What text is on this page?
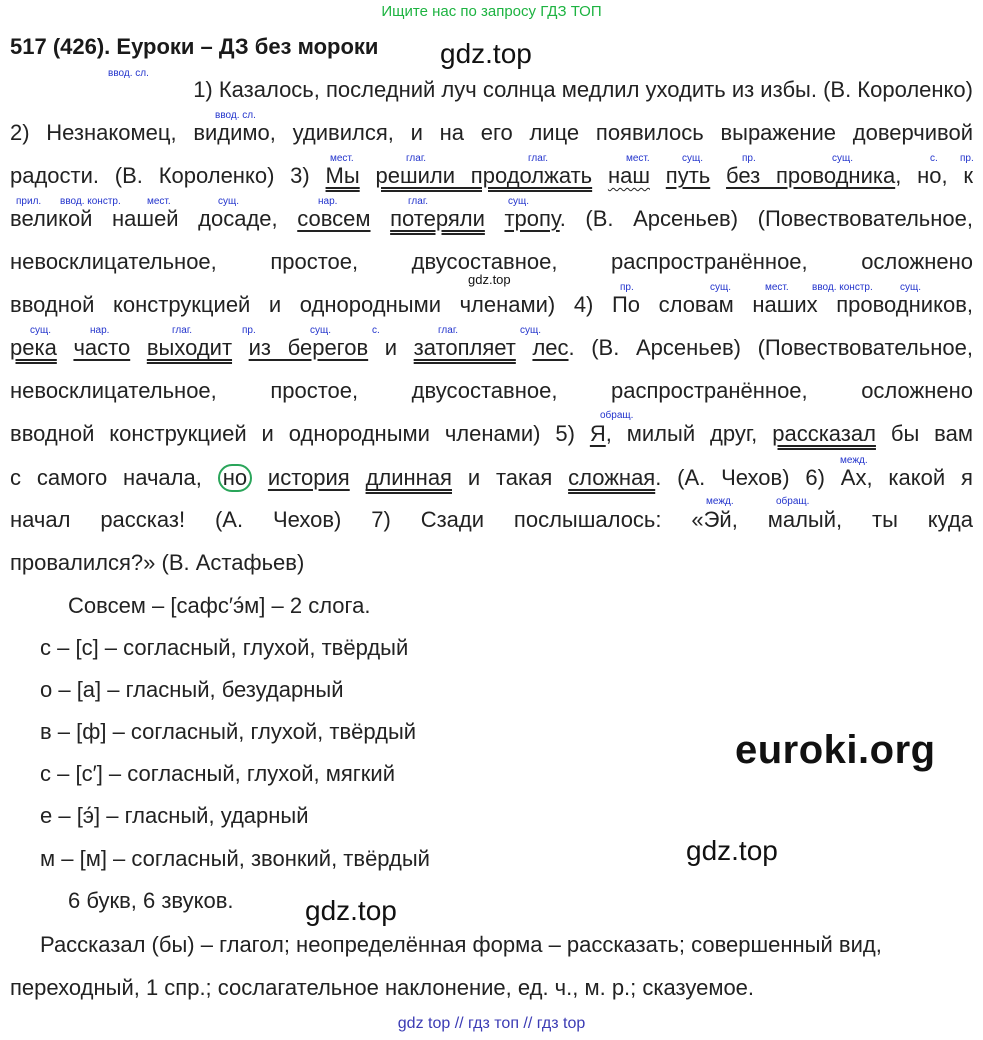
Ищите нас по запросу ГДЗ ТОП
517 (426). Еуроки – ДЗ без мороки gdz.top
ввод. сл.
ввод. сл.
мест.	глаг.	глаг.	мест.	сущ.	пр.	сущ.	с. пр.
прил. ввод. констр.	мест.	сущ.	нар.	глаг.	сущ.
пр.	сущ.	мест. ввод. констр.	сущ.
сущ.	нар.	глаг.	пр.	сущ.	с.	глаг.	сущ.
обращ.
межд.
межд.	обращ.
1) Казалось, последний луч солнца медлил уходить из избы. (В. Короленко)
2) Незнакомец, видимо, удивился, и на его лице появилось выражение доверчивой
радости. (В. Короленко) 3) Мы решили продолжать наш путь без проводника, но, к
великой нашей досаде, совсем потеряли тропу. (В. Арсеньев) (Повествовательное,
невосклицательное, простое, двусоставное, распространённое, осложнено
gdz.top
вводной конструкцией и однородными членами) 4) По словам наших проводников,
река часто выходит из берегов и затопляет лес. (В. Арсеньев) (Повествовательное,
невосклицательное, простое, двусоставное, распространённое, осложнено
вводной конструкцией и однородными членами) 5) Я, милый друг, рассказал бы вам
с самого начала, но история длинная и такая сложная. (А. Чехов) 6) Ах, какой я
начал рассказ! (А. Чехов) 7) Сзади послышалось: «Эй, малый, ты куда
провалился?» (В. Астафьев)
Совсем – [сафс′э́м] – 2 слога.
с – [с] – согласный, глухой, твёрдый
о – [а] – гласный, безударный
в – [ф] – согласный, глухой, твёрдый
с – [с′] – согласный, глухой, мягкий
е – [э́] – гласный, ударный
м – [м] – согласный, звонкий, твёрдый
6 букв, 6 звуков.
euroki.org
gdz.top
gdz.top
Рассказал (бы) – глагол; неопределённая форма – рассказать; совершенный вид,
переходный, 1 спр.; сослагательное наклонение, ед. ч., м. р.; сказуемое.
gdz top // гдз топ // гдз top
